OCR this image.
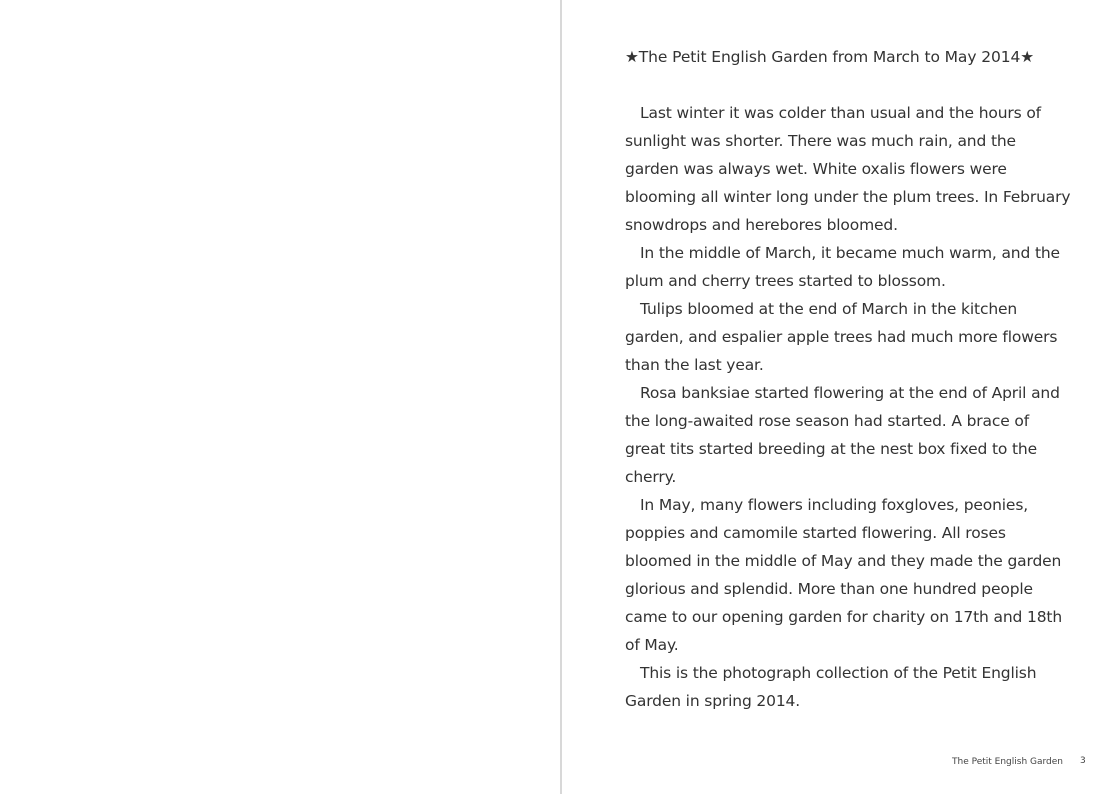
★The Petit English Garden from March to May 2014★

Last winter it was colder than usual and the hours of sunlight was shorter. There was much rain, and the garden was always wet. White oxalis flowers were blooming all winter long under the plum trees. In February snowdrops and herebores bloomed.

In the middle of March, it became much warm, and the plum and cherry trees started to blossom.

Tulips bloomed at the end of March in the kitchen garden, and espalier apple trees had much more flowers than the last year.

Rosa banksiae started flowering at the end of April and the long-awaited rose season had started. A brace of great tits started breeding at the nest box fixed to the cherry.

In May, many flowers including foxgloves, peonies, poppies and camomile started flowering. All roses bloomed in the middle of May and they made the garden glorious and splendid. More than one hundred people came to our opening garden for charity on 17th and 18th of May.

This is the photograph collection of the Petit English Garden in spring 2014.

The Petit English Garden 3
